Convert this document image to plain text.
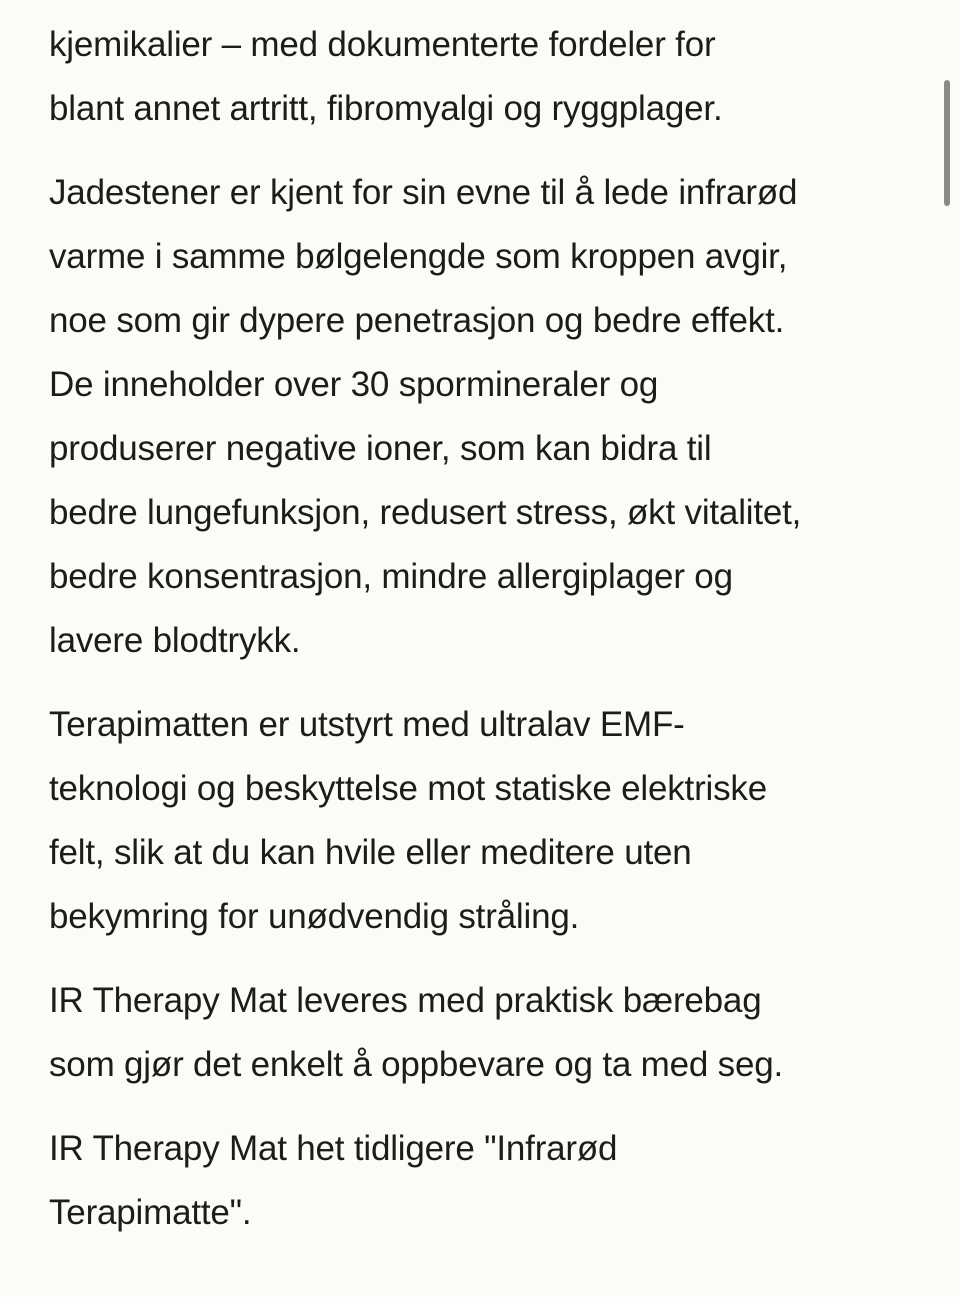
kjemikalier – med dokumenterte fordeler for
blant annet artritt, fibromyalgi og ryggplager.
Jadestener er kjent for sin evne til å lede infrarød
varme i samme bølgelengde som kroppen avgir,
noe som gir dypere penetrasjon og bedre effekt.
De inneholder over 30 spormineraler og
produserer negative ioner, som kan bidra til
bedre lungefunksjon, redusert stress, økt vitalitet,
bedre konsentrasjon, mindre allergiplager og
lavere blodtrykk.
Terapimatten er utstyrt med ultralav EMF-
teknologi og beskyttelse mot statiske elektriske
felt, slik at du kan hvile eller meditere uten
bekymring for unødvendig stråling.
IR Therapy Mat leveres med praktisk bærebag
som gjør det enkelt å oppbevare og ta med seg.
IR Therapy Mat het tidligere "Infrarød
Terapimatte".
